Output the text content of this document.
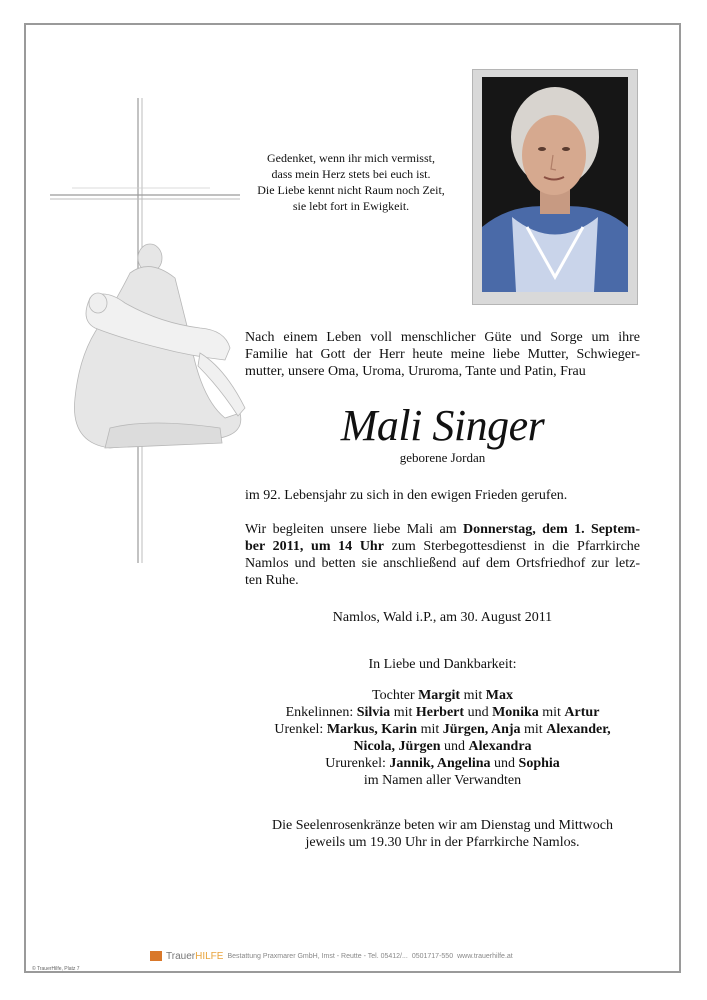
Gedenket, wenn ihr mich vermisst,
dass mein Herz stets bei euch ist.
Die Liebe kennt nicht Raum noch Zeit,
sie lebt fort in Ewigkeit.
Nach einem Leben voll menschlicher Güte und Sorge um ihre
Familie hat Gott der Herr heute meine liebe Mutter, Schwieger-
mutter, unsere Oma, Uroma, Ururoma, Tante und Patin, Frau
Mali Singer
geborene Jordan
im 92. Lebensjahr zu sich in den ewigen Frieden gerufen.
Wir begleiten unsere liebe Mali am Donnerstag, dem 1. Septem-
ber 2011, um 14 Uhr zum Sterbegottesdienst in die Pfarrkirche
Namlos und betten sie anschließend auf dem Ortsfriedhof zur letz-
ten Ruhe.
Namlos, Wald i.P., am 30. August 2011
In Liebe und Dankbarkeit:
Tochter Margit mit Max
Enkelinnen: Silvia mit Herbert und Monika mit Artur
Urenkel: Markus, Karin mit Jürgen, Anja mit Alexander,
Nicola, Jürgen und Alexandra
Ururenkel: Jannik, Angelina und Sophia
im Namen aller Verwandten
Die Seelenrosenkränze beten wir am Dienstag und Mittwoch
jeweils um 19.30 Uhr in der Pfarrkirche Namlos.
TrauerHILFE Bestattung Praxmarer GmbH, Imst - Reutte - Tel. 05412/... 0501717-550 www.trauerhilfe.at
© TrauerHilfe, Platz 7
